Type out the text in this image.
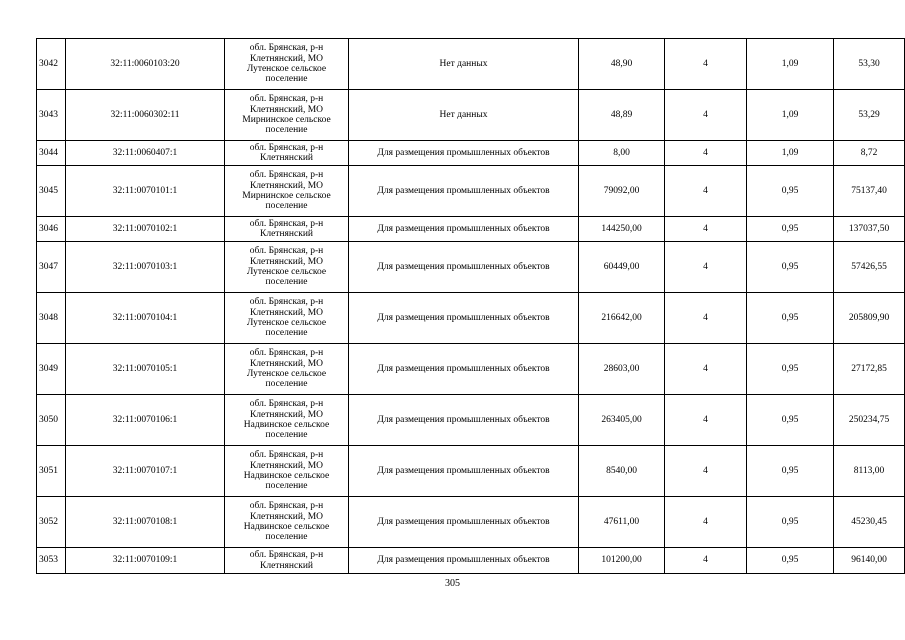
3042	32:11:0060103:20	обл. Брянская, р-н
Клетнянский, МО
Лутенское сельское
поселение	Нет данных	48,90	4	1,09	53,30
3043	32:11:0060302:11	обл. Брянская, р-н
Клетнянский, МО
Мирнинское сельское
поселение	Нет данных	48,89	4	1,09	53,29
3044	32:11:0060407:1	обл. Брянская, р-н
Клетнянский	Для размещения промышленных объектов	8,00	4	1,09	8,72
3045	32:11:0070101:1	обл. Брянская, р-н
Клетнянский, МО
Мирнинское сельское
поселение	Для размещения промышленных объектов	79092,00	4	0,95	75137,40
3046	32:11:0070102:1	обл. Брянская, р-н
Клетнянский	Для размещения промышленных объектов	144250,00	4	0,95	137037,50
3047	32:11:0070103:1	обл. Брянская, р-н
Клетнянский, МО
Лутенское сельское
поселение	Для размещения промышленных объектов	60449,00	4	0,95	57426,55
3048	32:11:0070104:1	обл. Брянская, р-н
Клетнянский, МО
Лутенское сельское
поселение	Для размещения промышленных объектов	216642,00	4	0,95	205809,90
3049	32:11:0070105:1	обл. Брянская, р-н
Клетнянский, МО
Лутенское сельское
поселение	Для размещения промышленных объектов	28603,00	4	0,95	27172,85
3050	32:11:0070106:1	обл. Брянская, р-н
Клетнянский, МО
Надвинское сельское
поселение	Для размещения промышленных объектов	263405,00	4	0,95	250234,75
3051	32:11:0070107:1	обл. Брянская, р-н
Клетнянский, МО
Надвинское сельское
поселение	Для размещения промышленных объектов	8540,00	4	0,95	8113,00
3052	32:11:0070108:1	обл. Брянская, р-н
Клетнянский, МО
Надвинское сельское
поселение	Для размещения промышленных объектов	47611,00	4	0,95	45230,45
3053	32:11:0070109:1	обл. Брянская, р-н
Клетнянский	Для размещения промышленных объектов	101200,00	4	0,95	96140,00
305
